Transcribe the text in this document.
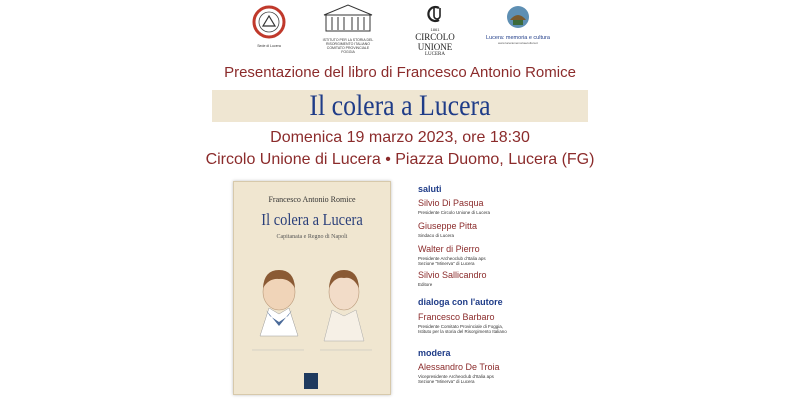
Sede di Lucera
ISTITUTO PER LA STORIA DEL
RISORGIMENTO ITALIANO
COMITATO PROVINCIALE
FOGGIA
1861
CIRCOLO UNIONE
LUCERA
Lucera: memoria e cultura
www.luceramemoriaecultura.it
Presentazione del libro di Francesco Antonio Romice
Il colera a Lucera
Domenica 19 marzo 2023, ore 18:30
Circolo Unione di Lucera • Piazza Duomo, Lucera (FG)
Francesco Antonio Romice
Il colera a Lucera
Capitanata e Regno di Napoli
saluti
Silvio Di Pasqua
Presidente Circolo Unione di Lucera
Giuseppe Pitta
Sindaco di Lucera
Walter di Pierro
Presidente Archeoclub d'Italia aps
Sezione "Minerva" di Lucera
Silvio Sallicandro
Editore
dialoga con l'autore
Francesco Barbaro
Presidente Comitato Provinciale di Foggia,
Istituto per la storia del Risorgimento Italiano
modera
Alessandro De Troia
Vicepresidente Archeoclub d'Italia aps
Sezione "Minerva" di Lucera
